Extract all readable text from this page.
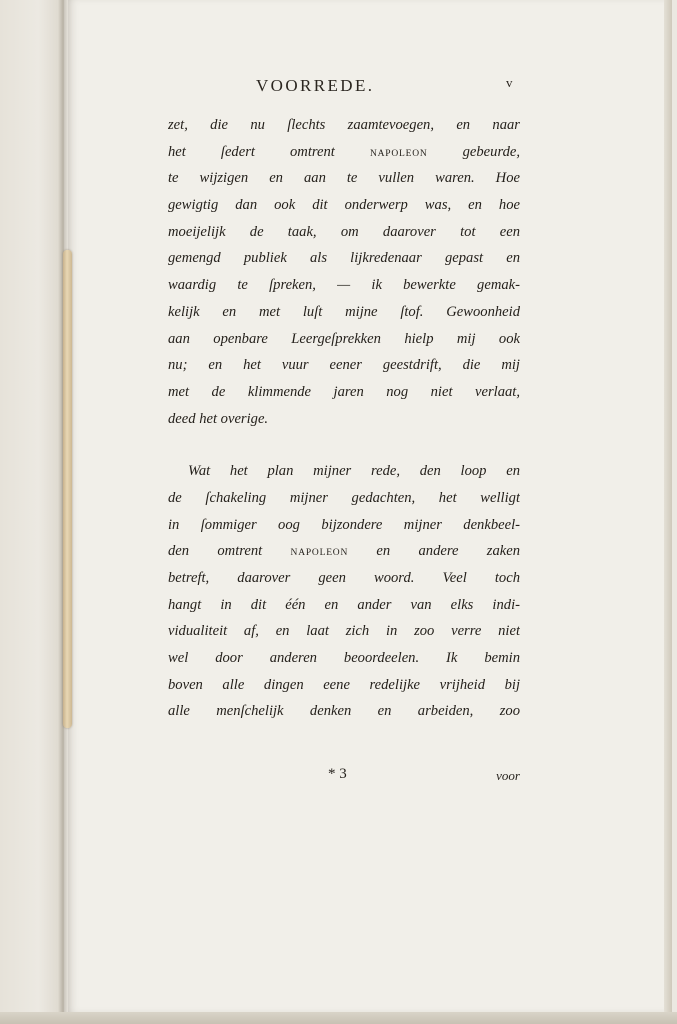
VOORREDE.	v
zet, die nu ſlechts zaamtevoegen, en naar
het ſedert omtrent NAPOLEON gebeurde,
te wijzigen en aan te vullen waren. Hoe
gewigtig dan ook dit onderwerp was, en hoe
moeijelijk de taak, om daarover tot een
gemengd publiek als lijkredenaar gepast en
waardig te ſpreken, — ik bewerkte gemak-
kelijk en met luſt mijne ſtof. Gewoonheid
aan openbare Leergeſprekken hielp mij ook
nu; en het vuur eener geestdrift, die mij
met de klimmende jaren nog niet verlaat,
deed het overige.
Wat het plan mijner rede, den loop en
de ſchakeling mijner gedachten, het welligt
in ſommiger oog bijzondere mijner denkbeel-
den omtrent NAPOLEON en andere zaken
betreft, daarover geen woord. Veel toch
hangt in dit één en ander van elks indi-
vidualiteit af, en laat zich in zoo verre niet
wel door anderen beoordeelen. Ik bemin
boven alle dingen eene redelijke vrijheid bij
alle menſchelijk denken en arbeiden, zoo
* 3	voor
